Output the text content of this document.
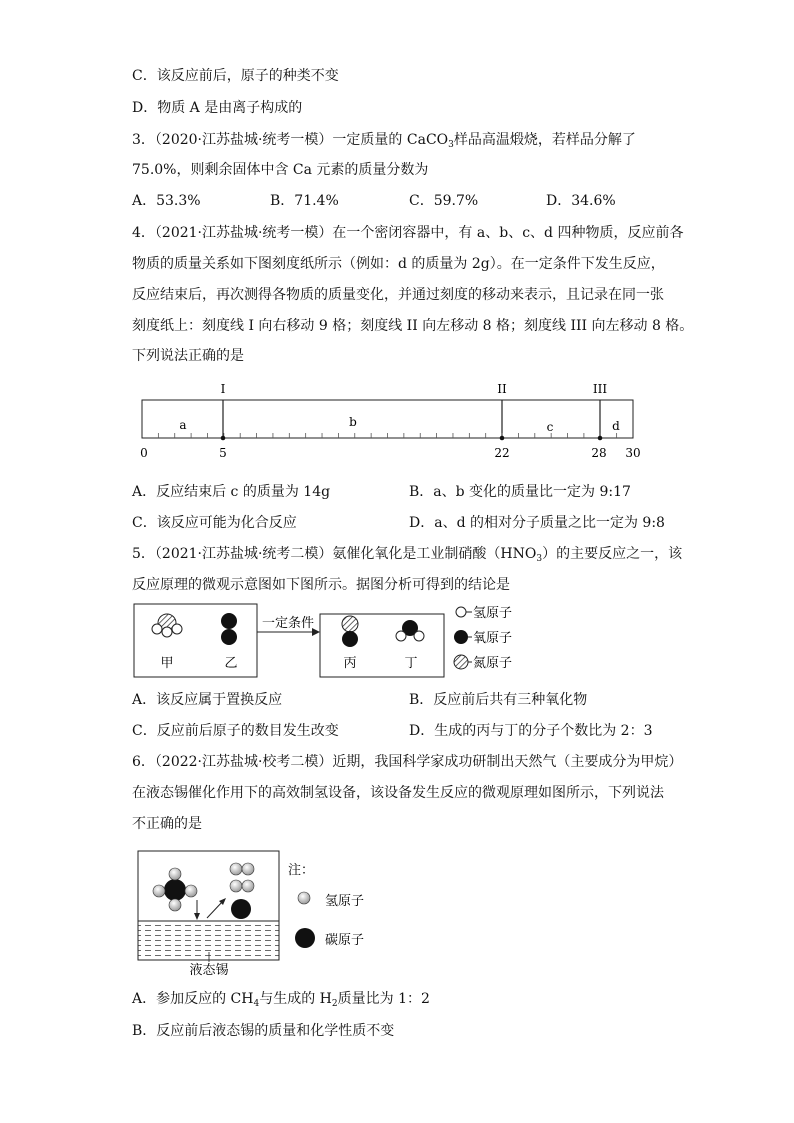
C．该反应前后，原子的种类不变
D．物质 A 是由离子构成的
3．（2020·江苏盐城·统考一模）一定质量的 CaCO$_3$样品高温煅烧，若样品分解了
75.0%，则剩余固体中含 Ca 元素的质量分数为
A．53.3%	B．71.4%	C．59.7%	D．34.6%
4．（2021·江苏盐城·统考一模）在一个密闭容器中，有 a、b、c、d 四种物质，反应前各
物质的质量关系如下图刻度纸所示（例如：d 的质量为 2g）。在一定条件下发生反应，
反应结束后，再次测得各物质的质量变化，并通过刻度的移动来表示，且记录在同一张
刻度纸上：刻度线 I 向右移动 9 格；刻度线 II 向左移动 8 格；刻度线 III 向左移动 8 格。
下列说法正确的是
I	II	III
a	b	c	d
0	5	22	28 30
A．反应结束后 c 的质量为 14g	B．a、b 变化的质量比一定为 9:17
C．该反应可能为化合反应	D．a、d 的相对分子质量之比一定为 9:8
5．（2021·江苏盐城·统考二模）氨催化氧化是工业制硝酸$(HNO_3)$的主要反应之一，该
反应原理的微观示意图如下图所示。据图分析可得到的结论是
甲	乙
一定条件
丙	丁
氢原子
氧原子
氮原子
A．该反应属于置换反应	B．反应前后共有三种氧化物
C．反应前后原子的数目发生改变	D．生成的丙与丁的分子个数比为 2：3
6．（2022·江苏盐城·校考二模）近期，我国科学家成功研制出天然气（主要成分为甲烷）
在液态锡催化作用下的高效制氢设备，该设备发生反应的微观原理如图所示，下列说法
不正确的是
液态锡
注：
氢原子
碳原子
A．参加反应的 $CH_4$与生成的 $H_2$质量比为 1：2
B．反应前后液态锡的质量和化学性质不变
